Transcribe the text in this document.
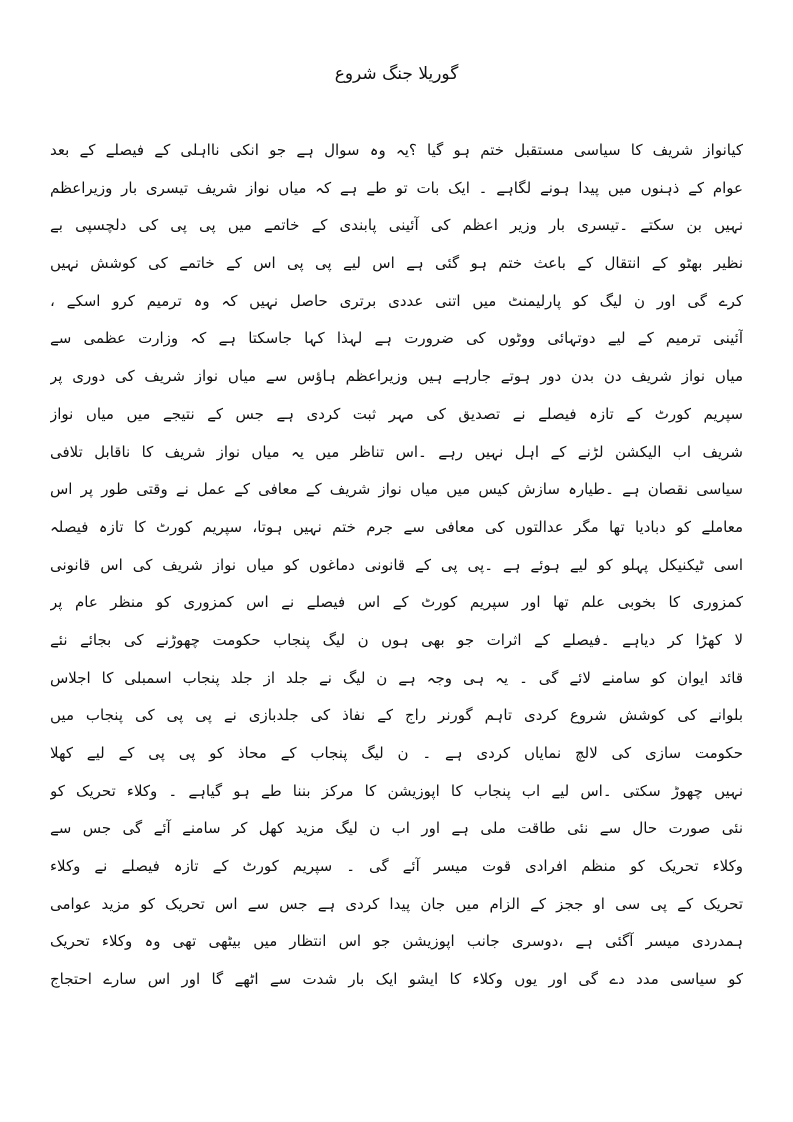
گوریلا جنگ شروع
کیانواز شریف کا سیاسی مستقبل ختم ہو گیا ؟یہ وہ سوال ہے جو انکی نااہلی کے فیصلے کے بعد
عوام کے ذہنوں میں پیدا ہونے لگاہے ۔ ایک بات تو طے ہے کہ میاں نواز شریف تیسری بار وزیراعظم
نہیں بن سکتے ۔تیسری بار وزیر اعظم کی آئینی پابندی کے خاتمے میں پی پی کی دلچسپی بے
نظیر بھٹو کے انتقال کے باعث ختم ہو گئی ہے اس لیے پی پی اس کے خاتمے کی کوشش نہیں
کرے گی اور ن لیگ کو پارلیمنٹ میں اتنی عددی برتری حاصل نہیں کہ وہ ترمیم کرو اسکے ،
آئینی ترمیم کے لیے دوتہائی ووٹوں کی ضرورت ہے لہذا کہا جاسکتا ہے کہ وزارت عظمی سے
میاں نواز شریف دن بدن دور ہوتے جارہے ہیں وزیراعظم ہاؤس سے میاں نواز شریف کی دوری پر
سپریم کورٹ کے تازہ فیصلے نے تصدیق کی مہر ثبت کردی ہے جس کے نتیجے میں میاں نواز
شریف اب الیکشن لڑنے کے اہل نہیں رہے ۔اس تناظر میں یہ میاں نواز شریف کا ناقابل تلافی
سیاسی نقصان ہے ۔طیارہ سازش کیس میں میاں نواز شریف کے معافی کے عمل نے وقتی طور پر اس
معاملے کو دبادیا تھا مگر عدالتوں کی معافی سے جرم ختم نہیں ہوتا، سپریم کورٹ کا تازہ فیصلہ
اسی ٹیکنیکل پہلو کو لیے ہوئے ہے ۔پی پی کے قانونی دماغوں کو میاں نواز شریف کی اس قانونی
کمزوری کا بخوبی علم تھا اور سپریم کورٹ کے اس فیصلے نے اس کمزوری کو منظر عام پر
لا کھڑا کر دیاہے ۔فیصلے کے اثرات جو بھی ہوں ن لیگ پنجاب حکومت چھوڑنے کی بجائے نئے
قائد ایوان کو سامنے لائے گی ۔ یہ ہی وجہ ہے ن لیگ نے جلد از جلد پنجاب اسمبلی کا اجلاس
بلوانے کی کوشش شروع کردی تاہم گورنر راج کے نفاذ کی جلدبازی نے پی پی کی پنجاب میں
حکومت سازی کی لالچ نمایاں کردی ہے ۔ ن لیگ پنجاب کے محاذ کو پی پی کے لیے کھلا
نہیں چھوڑ سکتی ۔اس لیے اب پنجاب کا اپوزیشن کا مرکز بننا طے ہو گیاہے ۔ وکلاء تحریک کو
نئی صورت حال سے نئی طاقت ملی ہے اور اب ن لیگ مزید کھل کر سامنے آئے گی جس سے
وکلاء تحریک کو منظم افرادی قوت میسر آئے گی ۔ سپریم کورٹ کے تازہ فیصلے نے وکلاء
تحریک کے پی سی او ججز کے الزام میں جان پیدا کردی ہے جس سے اس تحریک کو مزید عوامی
ہمدردی میسر آگئی ہے ،دوسری جانب اپوزیشن جو اس انتظار میں بیٹھی تھی وہ وکلاء تحریک
کو سیاسی مدد دے گی اور یوں وکلاء کا ایشو ایک بار شدت سے اٹھے گا اور اس سارے احتجاج
